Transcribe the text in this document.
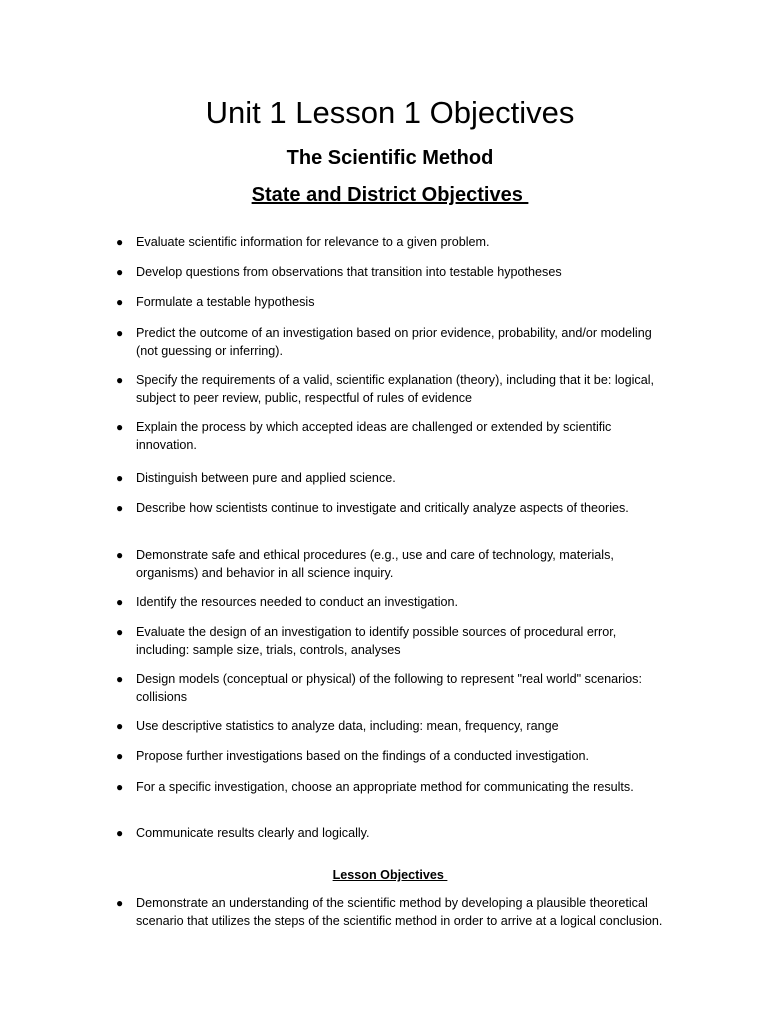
Unit 1 Lesson 1 Objectives
The Scientific Method
State and District Objectives
● Evaluate scientific information for relevance to a given problem.
● Develop questions from observations that transition into testable hypotheses
● Formulate a testable hypothesis
● Predict the outcome of an investigation based on prior evidence, probability, and/or modeling (not guessing or inferring).
● Specify the requirements of a valid, scientific explanation (theory), including that it be: logical, subject to peer review, public, respectful of rules of evidence
● Explain the process by which accepted ideas are challenged or extended by scientific innovation.
● Distinguish between pure and applied science.
● Describe how scientists continue to investigate and critically analyze aspects of theories.
● Demonstrate safe and ethical procedures (e.g., use and care of technology, materials, organisms) and behavior in all science inquiry.
● Identify the resources needed to conduct an investigation.
● Evaluate the design of an investigation to identify possible sources of procedural error, including: sample size, trials, controls, analyses
● Design models (conceptual or physical) of the following to represent "real world" scenarios: collisions
● Use descriptive statistics to analyze data, including: mean, frequency, range
● Propose further investigations based on the findings of a conducted investigation.
● For a specific investigation, choose an appropriate method for communicating the results.
● Communicate results clearly and logically.
Lesson Objectives
● Demonstrate an understanding of the scientific method by developing a plausible theoretical scenario that utilizes the steps of the scientific method in order to arrive at a logical conclusion.
